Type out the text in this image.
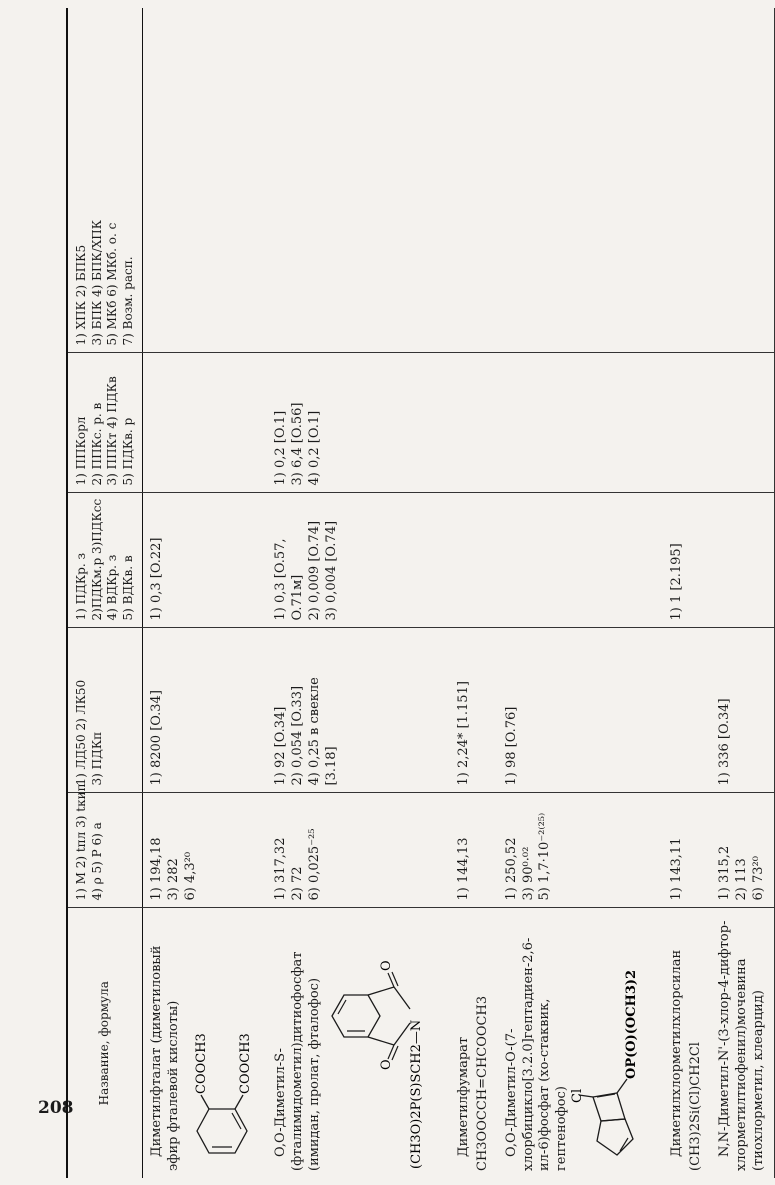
208
Название, формула	1) M 2) tпл 3) tкип 4) ρ 5) P 6) a	1) ЛД50 2) ЛК50 3) ПДКп	1) ПДКр. з 2)ПДКм.р 3)ПДКсс 4) ВДКр. з 5) ВДКв. в	1) ППКорл 2) ППКс. р. в 3) ППКт 4) ПДКв 5) ПДКв. р	1) ХПК 2) БПК5 3) БПК 4) БПК/ХПК 5) МКб 6) МКб. о. с 7) Возм. расп.

Диметилфталат (диметиловый эфир фталевой кислоты) COOCH3 COOCH3	1) 194,18 3) 282 6) 4,3²⁰	1) 8200 [O.34]	1) 0,3 [O.22]		

O,O-Диметил-S-(фталимидометил)дитиофосфат (имидан, пролат, фталофос) O
O
(CH3O)2P(S)SCH2—N	1) 317,32 2) 72 6) 0,025⁻²⁵	1) 92 [O.34] 2) 0,054 [O.33] 4) 0,25 в свекле [3.18]	1) 0,3 [O.57, O.71м] 2) 0,009 [O.74] 3) 0,004 [O.74]	1) 0,2 [O.1] 3) 6,4 [O.56] 4) 0,2 [O.1]	

Диметилфумарат CH3OOCCH=CHCOOCH3	1) 144,13	1) 2,24* [1.151]			

O,O-Диметил-O-(7-хлорбицикло[3.2.0]гептадиен-2,6-ил-6)фосфат (хо-стаквик, гептенофос) Cl
OP(O)(OCH3)2	1) 250,52 3) 90⁰·⁰² 5) 1,7·10⁻²⁽²⁵⁾	1) 98 [O.76]			

Диметилхлорметилхлорсилан (CH3)2Si(Cl)CH2Cl	1) 143,11		1) 1 [2.195]		

N,N-Диметил-N'-(3-хлор-4-дифтор-хлорметилтиофенил)мочевина (тиохлорметил, клеарцид)	1) 315,2 2) 113 6) 73²⁰	1) 336 [O.34]			
